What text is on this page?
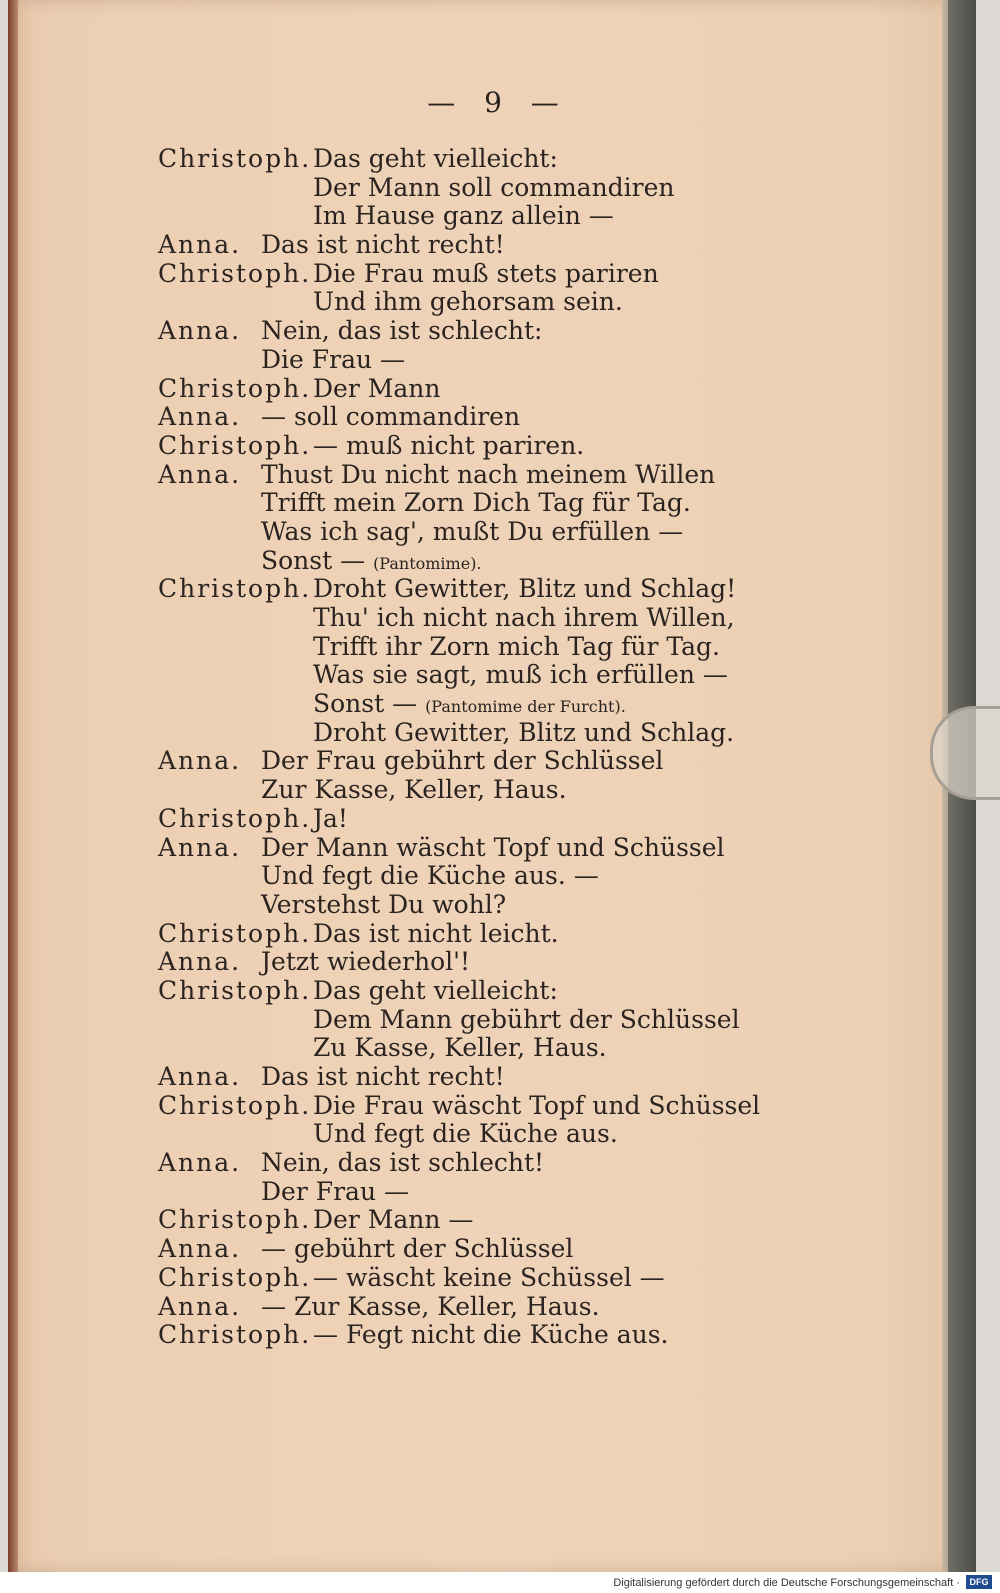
— 9 —
Christoph. Das geht vielleicht:
Der Mann soll commandiren
Im Hause ganz allein —
Anna. Das ist nicht recht!
Christoph. Die Frau muß stets pariren
Und ihm gehorsam sein.
Anna. Nein, das ist schlecht:
Die Frau —
Christoph. Der Mann
Anna. — soll commandiren
Christoph. — muß nicht pariren.
Anna. Thust Du nicht nach meinem Willen
Trifft mein Zorn Dich Tag für Tag.
Was ich sag', mußt Du erfüllen —
Sonst — (Pantomime).
Christoph. Droht Gewitter, Blitz und Schlag!
Thu' ich nicht nach ihrem Willen,
Trifft ihr Zorn mich Tag für Tag.
Was sie sagt, muß ich erfüllen —
Sonst — (Pantomime der Furcht).
Droht Gewitter, Blitz und Schlag.
Anna. Der Frau gebührt der Schlüssel
Zur Kasse, Keller, Haus.
Christoph. Ja!
Anna. Der Mann wäscht Topf und Schüssel
Und fegt die Küche aus. —
Verstehst Du wohl?
Christoph. Das ist nicht leicht.
Anna. Jetzt wiederhol'!
Christoph. Das geht vielleicht:
Dem Mann gebührt der Schlüssel
Zu Kasse, Keller, Haus.
Anna. Das ist nicht recht!
Christoph. Die Frau wäscht Topf und Schüssel
Und fegt die Küche aus.
Anna. Nein, das ist schlecht!
Der Frau —
Christoph. Der Mann —
Anna. — gebührt der Schlüssel
Christoph. — wäscht keine Schüssel —
Anna. — Zur Kasse, Keller, Haus.
Christoph. — Fegt nicht die Küche aus.
Digitalisierung gefördert durch die Deutsche Forschungsgemeinschaft ·	DFG
